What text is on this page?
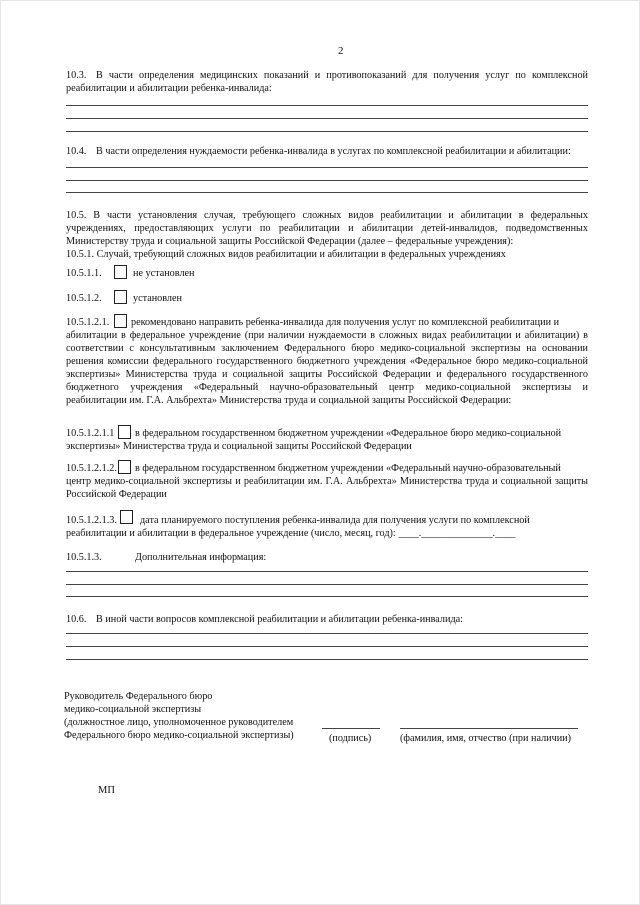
2
10.3. В части определения медицинских показаний и противопоказаний для получения услуг по комплексной реабилитации и абилитации ребенка-инвалида:
10.4. В части определения нуждаемости ребенка-инвалида в услугах по комплексной реабилитации и абилитации:
10.5. В части установления случая, требующего сложных видов реабилитации и абилитации в федеральных учреждениях, предоставляющих услуги по реабилитации и абилитации детей-инвалидов, подведомственных Министерству труда и социальной защиты Российской Федерации (далее – федеральные учреждения):
10.5.1. Случай, требующий сложных видов реабилитации и абилитации в федеральных учреждениях
10.5.1.1.	не установлен
10.5.1.2.	установлен
10.5.1.2.1. рекомендовано направить ребенка-инвалида для получения услуг по комплексной реабилитации и
абилитации в федеральное учреждение (при наличии нуждаемости в сложных видах реабилитации и абилитации) в соответствии с консультативным заключением Федерального бюро медико-социальной экспертизы на основании решения комиссии федерального государственного бюджетного учреждения «Федеральное бюро медико-социальной экспертизы» Министерства труда и социальной защиты Российской Федерации и федерального государственного бюджетного учреждения «Федеральный научно-образовательный центр медико-социальной экспертизы и реабилитации им. Г.А. Альбрехта» Министерства труда и социальной защиты Российской Федерации:
10.5.1.2.1.1 в федеральном государственном бюджетном учреждении «Федеральное бюро медико-социальной
экспертизы» Министерства труда и социальной защиты Российской Федерации
10.5.1.2.1.2. в федеральном государственном бюджетном учреждении «Федеральный научно-образовательный
центр медико-социальной экспертизы и реабилитации им. Г.А. Альбрехта» Министерства труда и социальной защиты Российской Федерации
10.5.1.2.1.3. дата планируемого поступления ребенка-инвалида для получения услуги по комплексной
реабилитации и абилитации в федеральное учреждение (число, месяц, год): ____.______________.____
10.5.1.3.	Дополнительная информация:
10.6. В иной части вопросов комплексной реабилитации и абилитации ребенка-инвалида:
Руководитель Федерального бюро
медико-социальной экспертизы
(должностное лицо, уполномоченное руководителем
Федерального бюро медико-социальной экспертизы)	(подпись)	(фамилия, имя, отчество (при наличии)
МП
